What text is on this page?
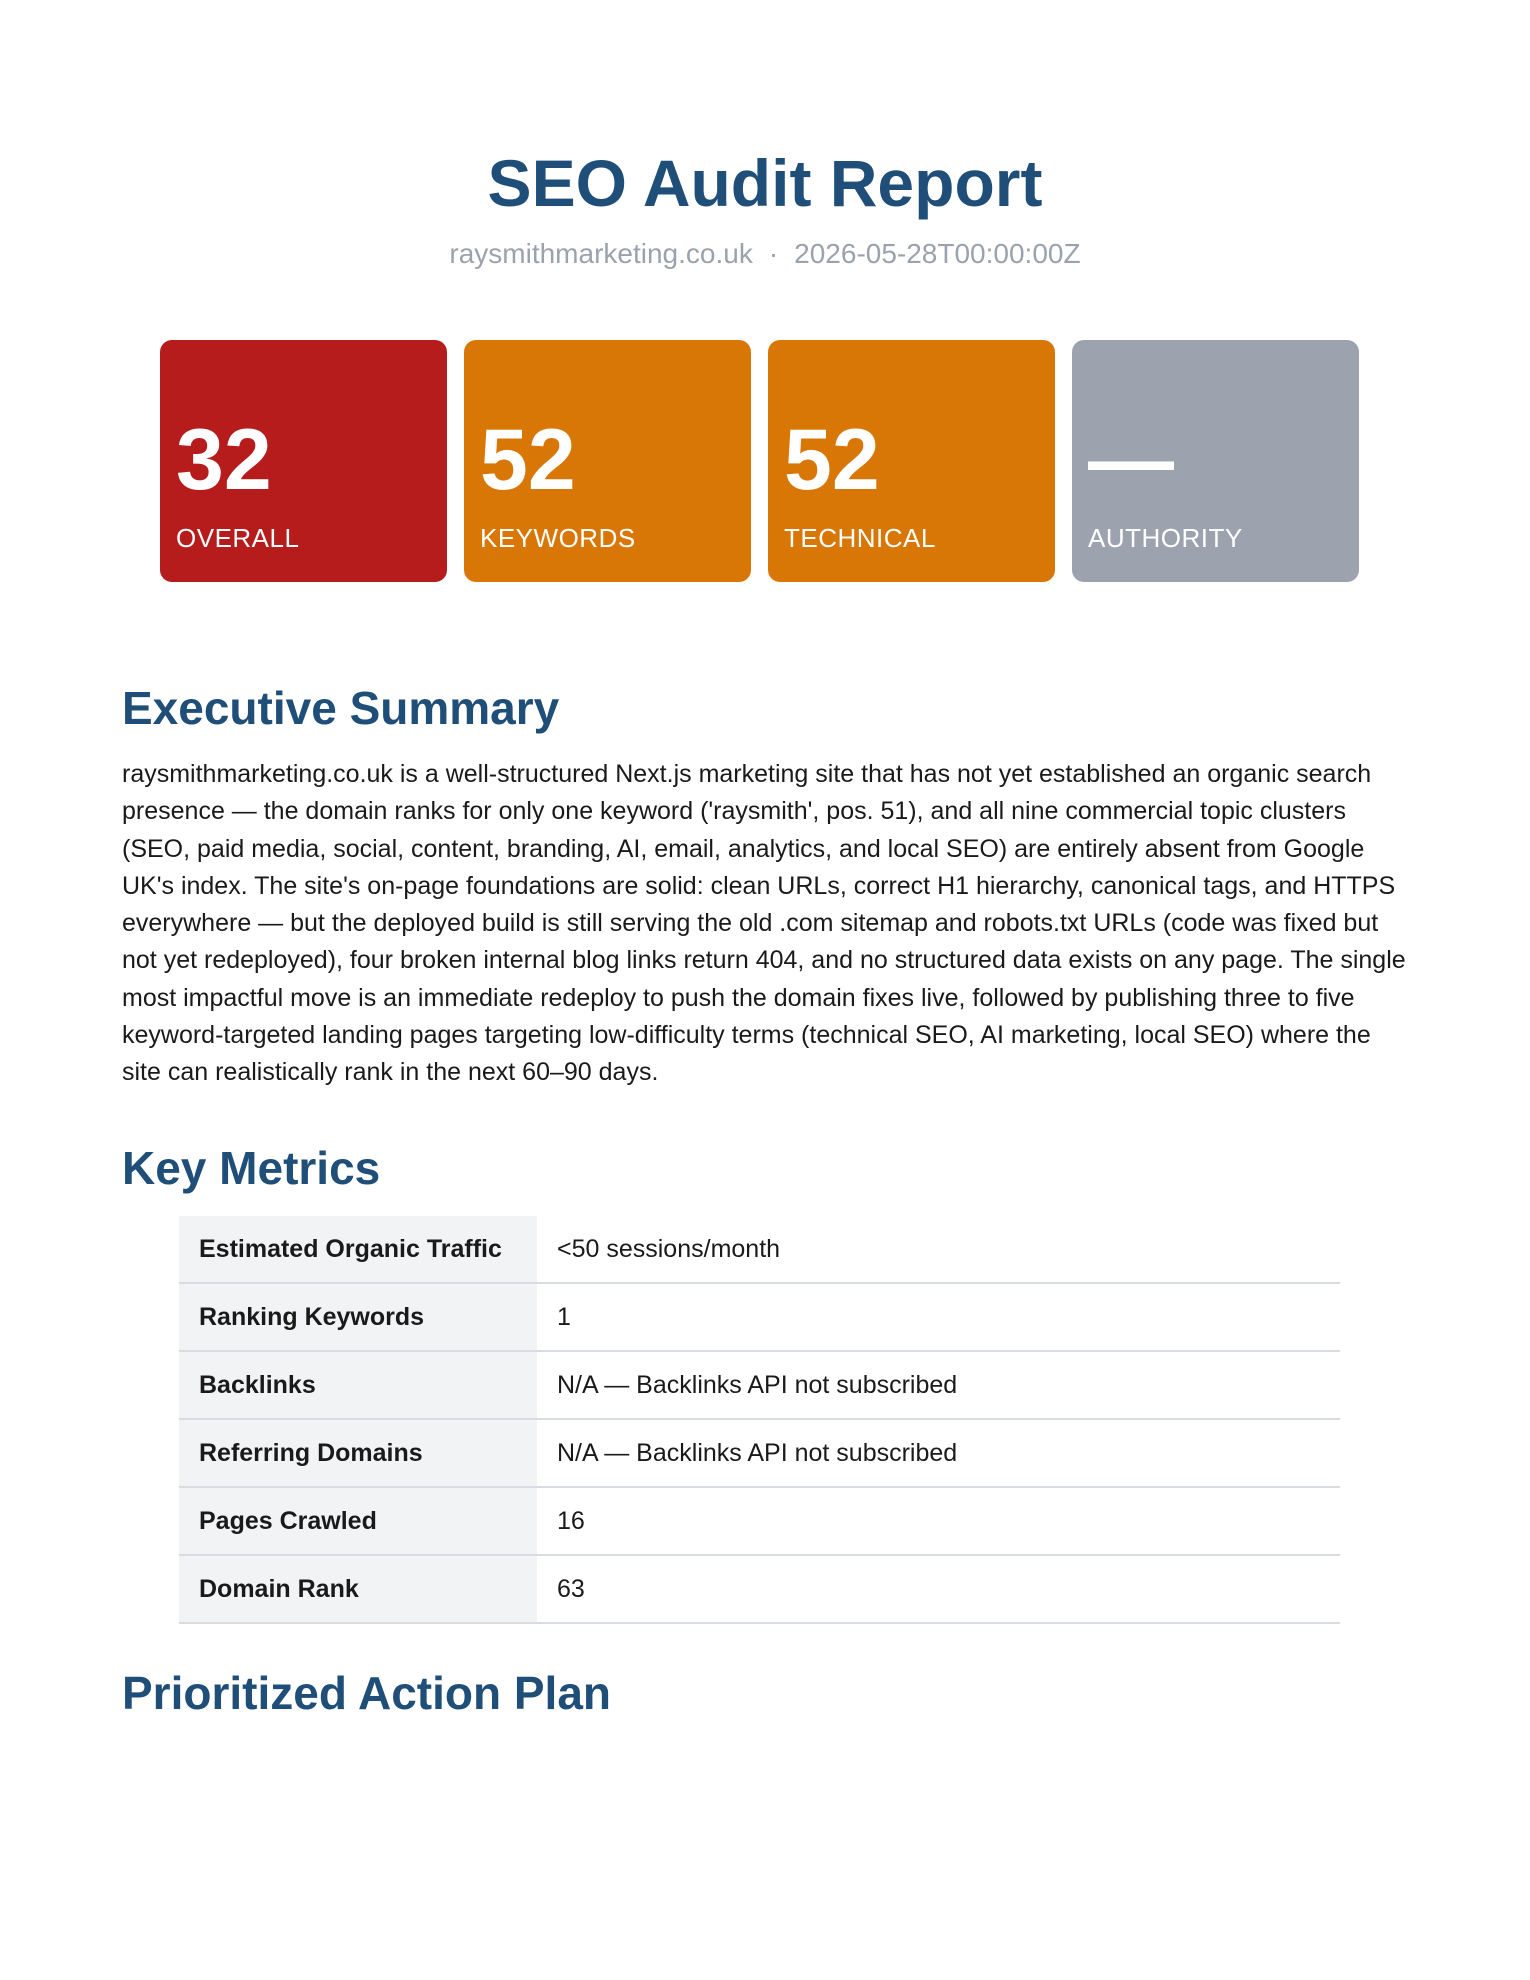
SEO Audit Report
raysmithmarketing.co.uk · 2026-05-28T00:00:00Z
32
OVERALL
52
KEYWORDS
52
TECHNICAL
—
AUTHORITY
Executive Summary

raysmithmarketing.co.uk is a well-structured Next.js marketing site that has not yet established an organic search presence — the domain ranks for only one keyword ('raysmith', pos. 51), and all nine commercial topic clusters (SEO, paid media, social, content, branding, AI, email, analytics, and local SEO) are entirely absent from Google UK's index. The site's on-page foundations are solid: clean URLs, correct H1 hierarchy, canonical tags, and HTTPS everywhere — but the deployed build is still serving the old .com sitemap and robots.txt URLs (code was fixed but not yet redeployed), four broken internal blog links return 404, and no structured data exists on any page. The single most impactful move is an immediate redeploy to push the domain fixes live, followed by publishing three to five keyword-targeted landing pages targeting low-difficulty terms (technical SEO, AI marketing, local SEO) where the site can realistically rank in the next 60–90 days.

Key Metrics
Estimated Organic Traffic	<50 sessions/month
Ranking Keywords	1
Backlinks	N/A — Backlinks API not subscribed
Referring Domains	N/A — Backlinks API not subscribed
Pages Crawled	16
Domain Rank	63
Prioritized Action Plan
